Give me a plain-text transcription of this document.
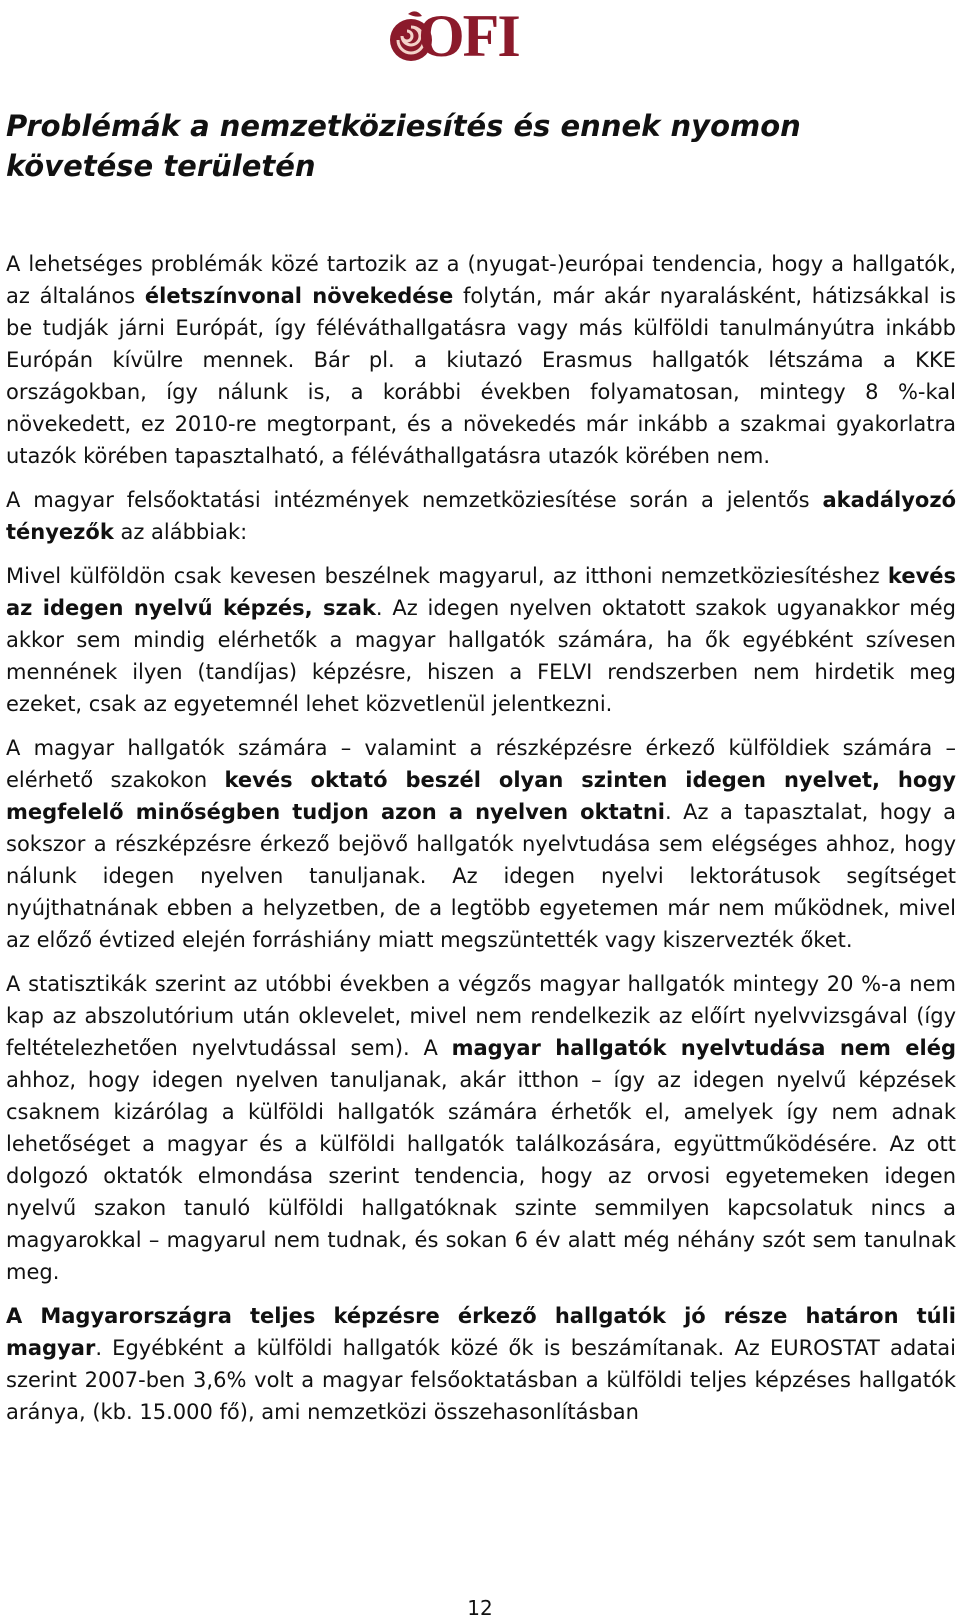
OFI
Problémák a nemzetköziesítés és ennek nyomon követése területén

A lehetséges problémák közé tartozik az a (nyugat-)európai tendencia, hogy a hallgatók, az általános életszínvonal növekedése folytán, már akár nyaralásként, hátizsákkal is be tudják járni Európát, így féléváthallgatásra vagy más külföldi tanulmányútra inkább Európán kívülre mennek. Bár pl. a kiutazó Erasmus hallgatók létszáma a KKE országokban, így nálunk is, a korábbi években folyamatosan, mintegy 8 %-kal növekedett, ez 2010-re megtorpant, és a növekedés már inkább a szakmai gyakorlatra utazók körében tapasztalható, a féléváthallgatásra utazók körében nem.

A magyar felsőoktatási intézmények nemzetköziesítése során a jelentős akadályozó tényezők az alábbiak:

Mivel külföldön csak kevesen beszélnek magyarul, az itthoni nemzetköziesítéshez kevés az idegen nyelvű képzés, szak. Az idegen nyelven oktatott szakok ugyanakkor még akkor sem mindig elérhetők a magyar hallgatók számára, ha ők egyébként szívesen mennének ilyen (tandíjas) képzésre, hiszen a FELVI rendszerben nem hirdetik meg ezeket, csak az egyetemnél lehet közvetlenül jelentkezni.

A magyar hallgatók számára – valamint a részképzésre érkező külföldiek számára – elérhető szakokon kevés oktató beszél olyan szinten idegen nyelvet, hogy megfelelő minőségben tudjon azon a nyelven oktatni. Az a tapasztalat, hogy a sokszor a részképzésre érkező bejövő hallgatók nyelvtudása sem elégséges ahhoz, hogy nálunk idegen nyelven tanuljanak. Az idegen nyelvi lektorátusok segítséget nyújthatnának ebben a helyzetben, de a legtöbb egyetemen már nem működnek, mivel az előző évtized elején forráshiány miatt megszüntették vagy kiszervezték őket.

A statisztikák szerint az utóbbi években a végzős magyar hallgatók mintegy 20 %-a nem kap az abszolutórium után oklevelet, mivel nem rendelkezik az előírt nyelvvizsgával (így feltételezhetően nyelvtudással sem). A magyar hallgatók nyelvtudása nem elég ahhoz, hogy idegen nyelven tanuljanak, akár itthon – így az idegen nyelvű képzések csaknem kizárólag a külföldi hallgatók számára érhetők el, amelyek így nem adnak lehetőséget a magyar és a külföldi hallgatók találkozására, együttműködésére. Az ott dolgozó oktatók elmondása szerint tendencia, hogy az orvosi egyetemeken idegen nyelvű szakon tanuló külföldi hallgatóknak szinte semmilyen kapcsolatuk nincs a magyarokkal – magyarul nem tudnak, és sokan 6 év alatt még néhány szót sem tanulnak meg.

A Magyarországra teljes képzésre érkező hallgatók jó része határon túli magyar. Egyébként a külföldi hallgatók közé ők is beszámítanak. Az EUROSTAT adatai szerint 2007-ben 3,6% volt a magyar felsőoktatásban a külföldi teljes képzéses hallgatók aránya, (kb. 15.000 fő), ami nemzetközi összehasonlításban

12
